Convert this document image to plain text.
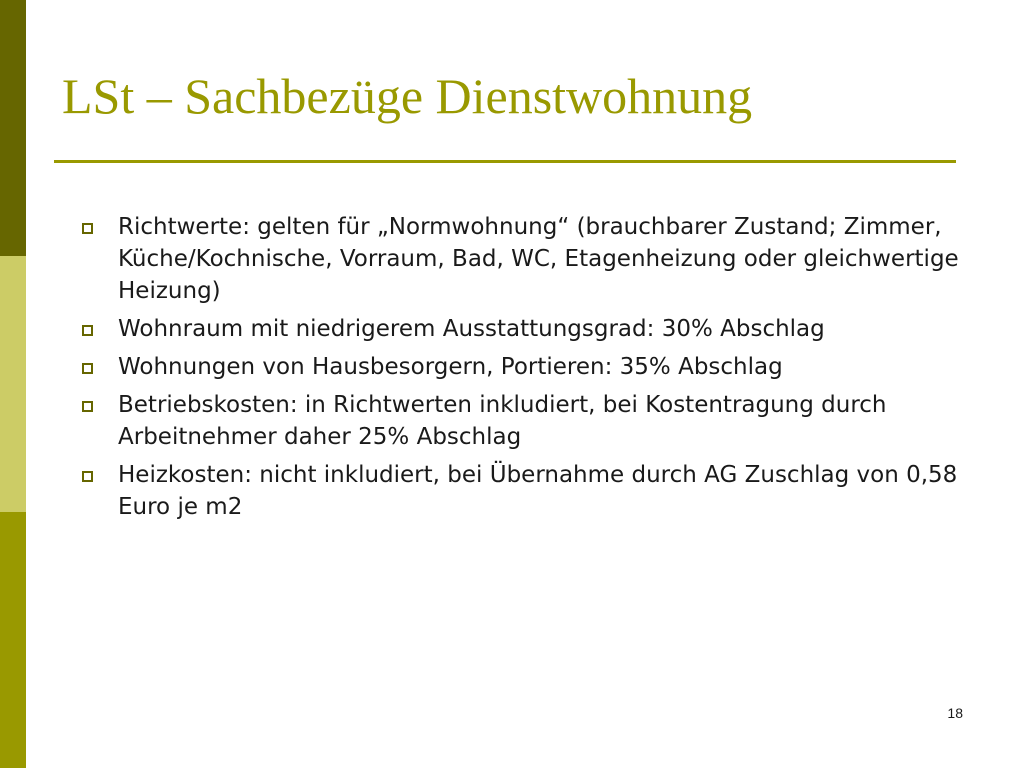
LSt – Sachbezüge Dienstwohnung
Richtwerte: gelten für „Normwohnung“ (brauchbarer Zustand; Zimmer, Küche/Kochnische, Vorraum, Bad, WC, Etagenheizung oder gleichwertige Heizung)
Wohnraum mit niedrigerem Ausstattungsgrad: 30% Abschlag
Wohnungen von Hausbesorgern, Portieren: 35% Abschlag
Betriebskosten: in Richtwerten inkludiert, bei Kostentragung durch Arbeitnehmer daher 25% Abschlag
Heizkosten: nicht inkludiert, bei Übernahme durch AG Zuschlag von 0,58 Euro je m2
18
